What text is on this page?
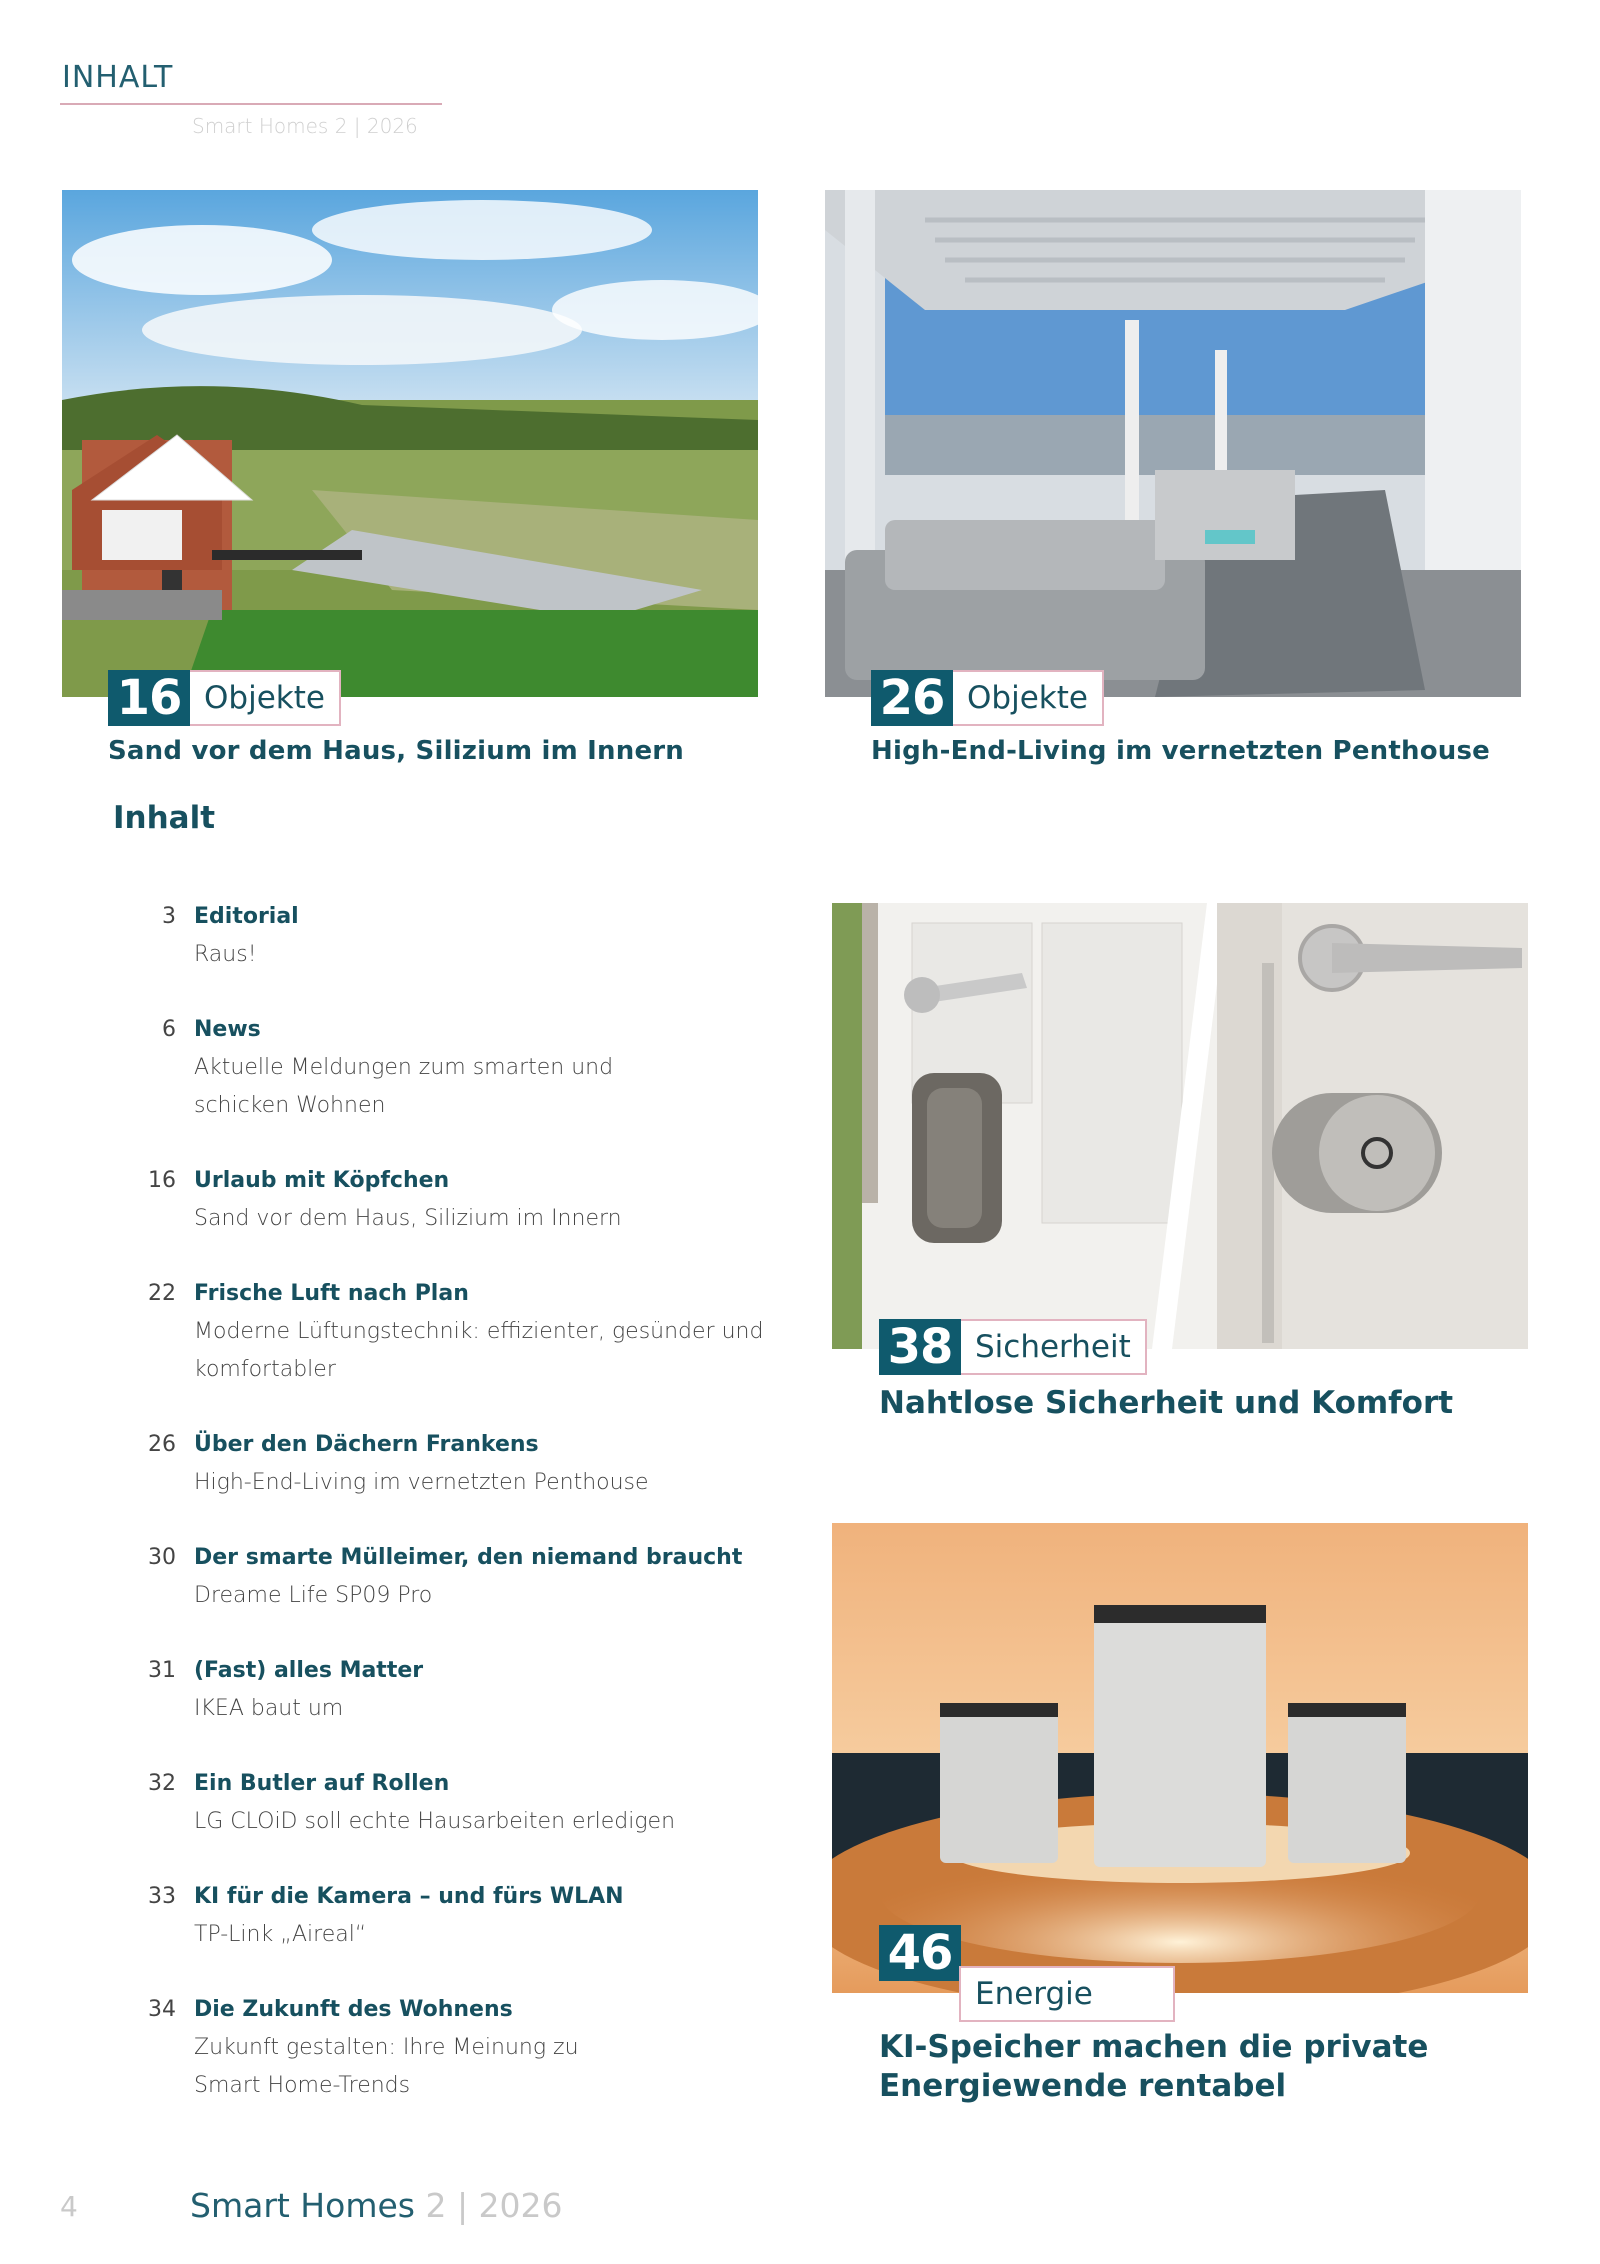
INHALT
Smart Homes 2 | 2026
16 Objekte
Sand vor dem Haus, Silizium im Innern
26 Objekte
High-End-Living im vernetzten Penthouse
Inhalt
3 Editorial
Raus!
6 News
Aktuelle Meldungen zum smarten und
schicken Wohnen
16 Urlaub mit Köpfchen
Sand vor dem Haus, Silizium im Innern
22 Frische Luft nach Plan
Moderne Lüftungstechnik: effizienter, gesünder und
komfortabler
26 Über den Dächern Frankens
High-End-Living im vernetzten Penthouse
30 Der smarte Mülleimer, den niemand braucht
Dreame Life SP09 Pro
31 (Fast) alles Matter
IKEA baut um
32 Ein Butler auf Rollen
LG CLOiD soll echte Hausarbeiten erledigen
33 KI für die Kamera – und fürs WLAN
TP-Link „Aireal“
34 Die Zukunft des Wohnens
Zukunft gestalten: Ihre Meinung zu
Smart Home-Trends
38 Sicherheit
Nahtlose Sicherheit und Komfort
46
Energie
KI-Speicher machen die private
Energiewende rentabel
4	Smart Homes 2 | 2026
